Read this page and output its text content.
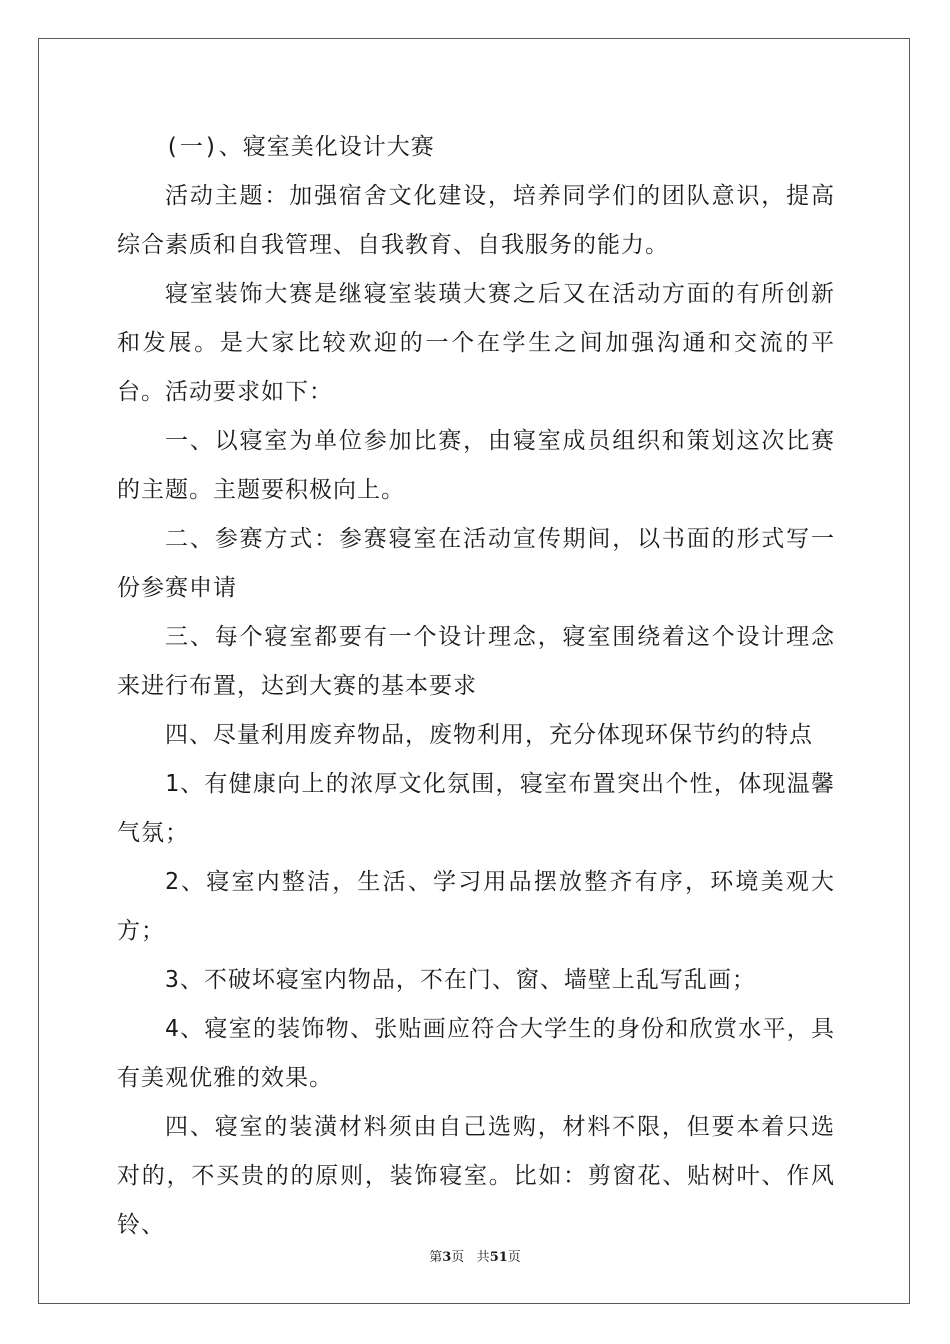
(一)、寝室美化设计大赛

活动主题：加强宿舍文化建设，培养同学们的团队意识，提高综合素质和自我管理、自我教育、自我服务的能力。

寝室装饰大赛是继寝室装璜大赛之后又在活动方面的有所创新和发展。是大家比较欢迎的一个在学生之间加强沟通和交流的平台。活动要求如下：

一、以寝室为单位参加比赛，由寝室成员组织和策划这次比赛的主题。主题要积极向上。

二、参赛方式：参赛寝室在活动宣传期间，以书面的形式写一份参赛申请

三、每个寝室都要有一个设计理念，寝室围绕着这个设计理念来进行布置，达到大赛的基本要求

四、尽量利用废弃物品，废物利用，充分体现环保节约的特点

1、有健康向上的浓厚文化氛围，寝室布置突出个性，体现温馨气氛；

2、寝室内整洁，生活、学习用品摆放整齐有序，环境美观大方；

3、不破坏寝室内物品，不在门、窗、墙壁上乱写乱画；

4、寝室的装饰物、张贴画应符合大学生的身份和欣赏水平，具有美观优雅的效果。

四、寝室的装潢材料须由自己选购，材料不限，但要本着只选对的，不买贵的的原则，装饰寝室。比如：剪窗花、贴树叶、作风铃、

第3页 共51页
